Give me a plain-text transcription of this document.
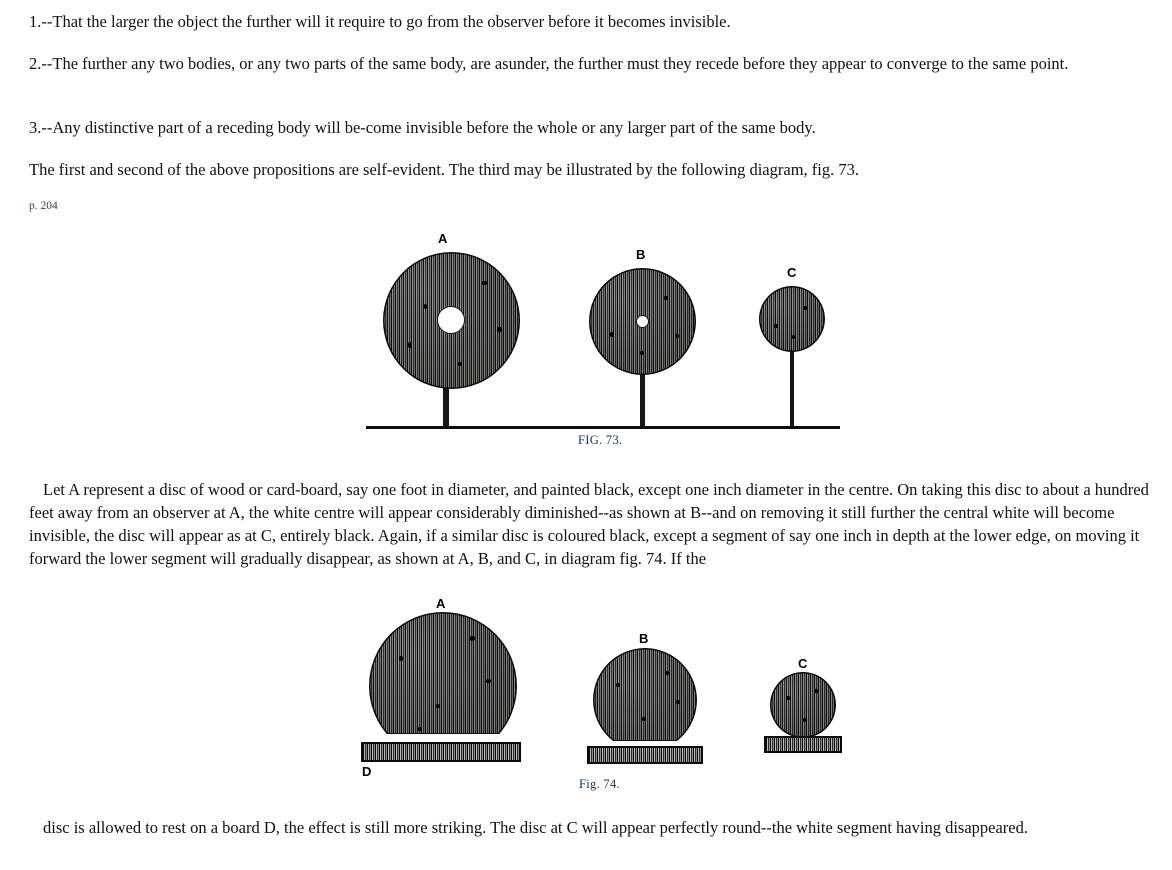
1.--That the larger the object the further will it require to go from the observer before it becomes invisible.

2.--The further any two bodies, or any two parts of the same body, are asunder, the further must they recede before they appear to converge to the same point.

3.--Any distinctive part of a receding body will be-come invisible before the whole or any larger part of the same body.

The first and second of the above propositions are self-evident. The third may be illustrated by the following diagram, fig. 73.

p. 204
A
B
C
FIG. 73.

Let A represent a disc of wood or card-board, say one foot in diameter, and painted black, except one inch diameter in the centre. On taking this disc to about a hundred feet away from an observer at A, the white centre will appear considerably diminished--as shown at B--and on removing it still further the central white will become invisible, the disc will appear as at C, entirely black. Again, if a similar disc is coloured black, except a segment of say one inch in depth at the lower edge, on moving it forward the lower segment will gradually disappear, as shown at A, B, and C, in diagram fig. 74. If the

A
D
B
C
Fig. 74.

disc is allowed to rest on a board D, the effect is still more striking. The disc at C will appear perfectly round--the white segment having disappeared.
